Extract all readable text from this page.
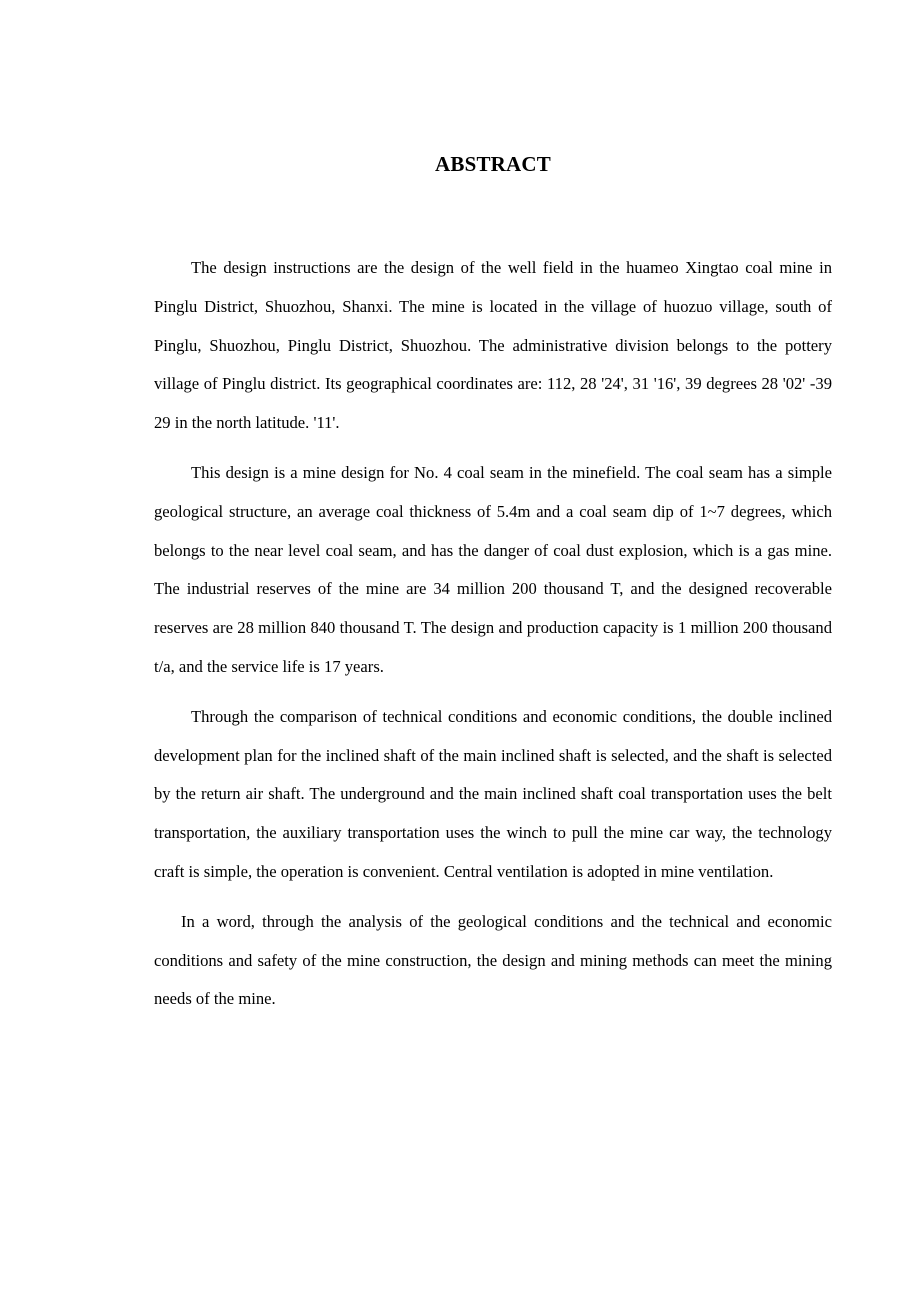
ABSTRACT

The design instructions are the design of the well field in the huameo Xingtao coal mine in Pinglu District, Shuozhou, Shanxi. The mine is located in the village of huozuo village, south of Pinglu, Shuozhou, Pinglu District, Shuozhou. The administrative division belongs to the pottery village of Pinglu district. Its geographical coordinates are: 112, 28 '24', 31 '16', 39 degrees 28 '02' -39 29 in the north latitude. '11'.

This design is a mine design for No. 4 coal seam in the minefield. The coal seam has a simple geological structure, an average coal thickness of 5.4m and a coal seam dip of 1~7 degrees, which belongs to the near level coal seam, and has the danger of coal dust explosion, which is a gas mine. The industrial reserves of the mine are 34 million 200 thousand T, and the designed recoverable reserves are 28 million 840 thousand T. The design and production capacity is 1 million 200 thousand t/a, and the service life is 17 years.

Through the comparison of technical conditions and economic conditions, the double inclined development plan for the inclined shaft of the main inclined shaft is selected, and the shaft is selected by the return air shaft. The underground and the main inclined shaft coal transportation uses the belt transportation, the auxiliary transportation uses the winch to pull the mine car way, the technology craft is simple, the operation is convenient. Central ventilation is adopted in mine ventilation.

In a word, through the analysis of the geological conditions and the technical and economic conditions and safety of the mine construction, the design and mining methods can meet the mining needs of the mine.
